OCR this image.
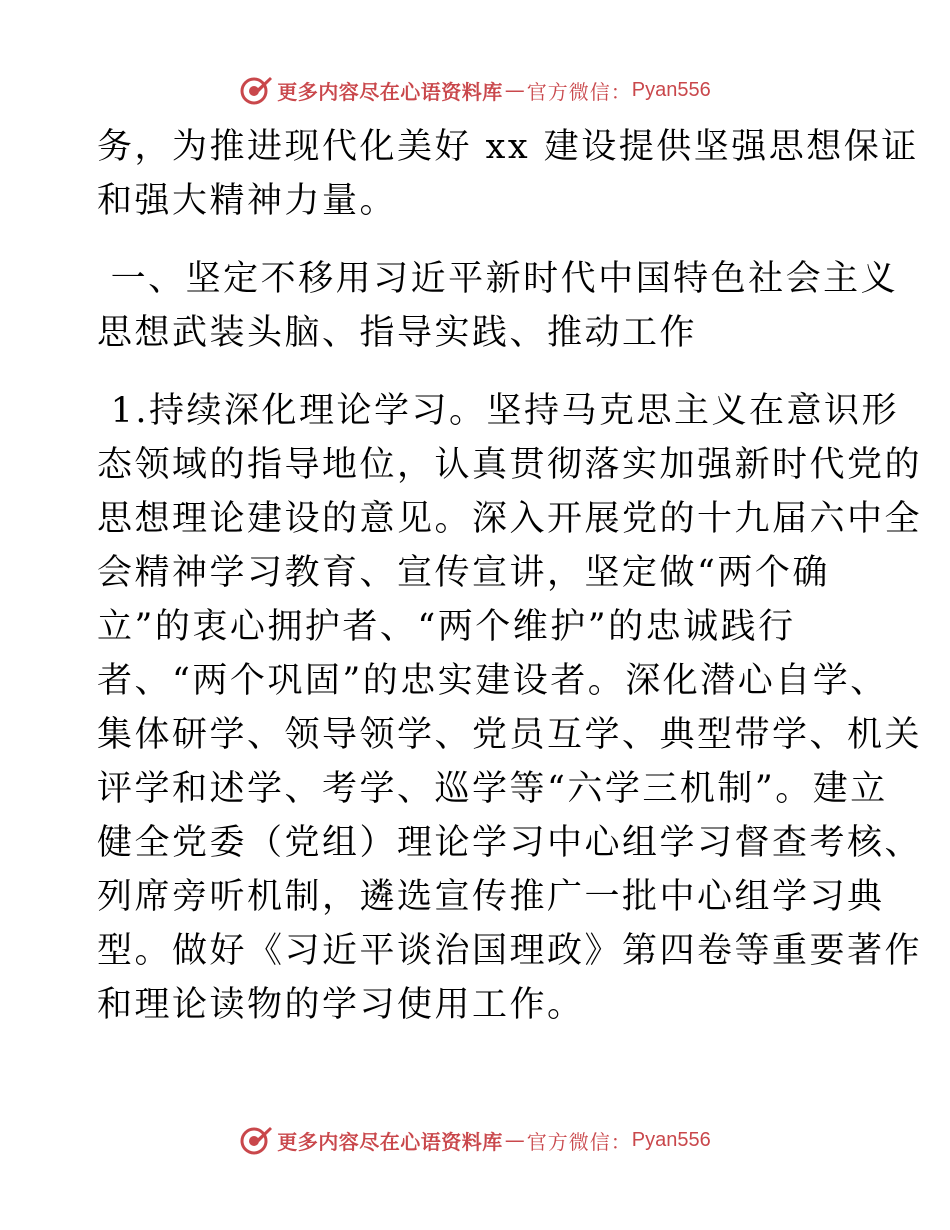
更多内容尽在心语资料库 — 官方微信： Pyan556
务，为推进现代化美好 xx 建设提供坚强思想保证
和强大精神力量。
一、坚定不移用习近平新时代中国特色社会主义
思想武装头脑、指导实践、推动工作
1.持续深化理论学习。坚持马克思主义在意识形
态领域的指导地位，认真贯彻落实加强新时代党的
思想理论建设的意见。深入开展党的十九届六中全
会精神学习教育、宣传宣讲，坚定做“两个确
立”的衷心拥护者、“两个维护”的忠诚践行
者、“两个巩固”的忠实建设者。深化潜心自学、
集体研学、领导领学、党员互学、典型带学、机关
评学和述学、考学、巡学等“六学三机制”。建立
健全党委（党组）理论学习中心组学习督查考核、
列席旁听机制，遴选宣传推广一批中心组学习典
型。做好《习近平谈治国理政》第四卷等重要著作
和理论读物的学习使用工作。
更多内容尽在心语资料库 — 官方微信： Pyan556
